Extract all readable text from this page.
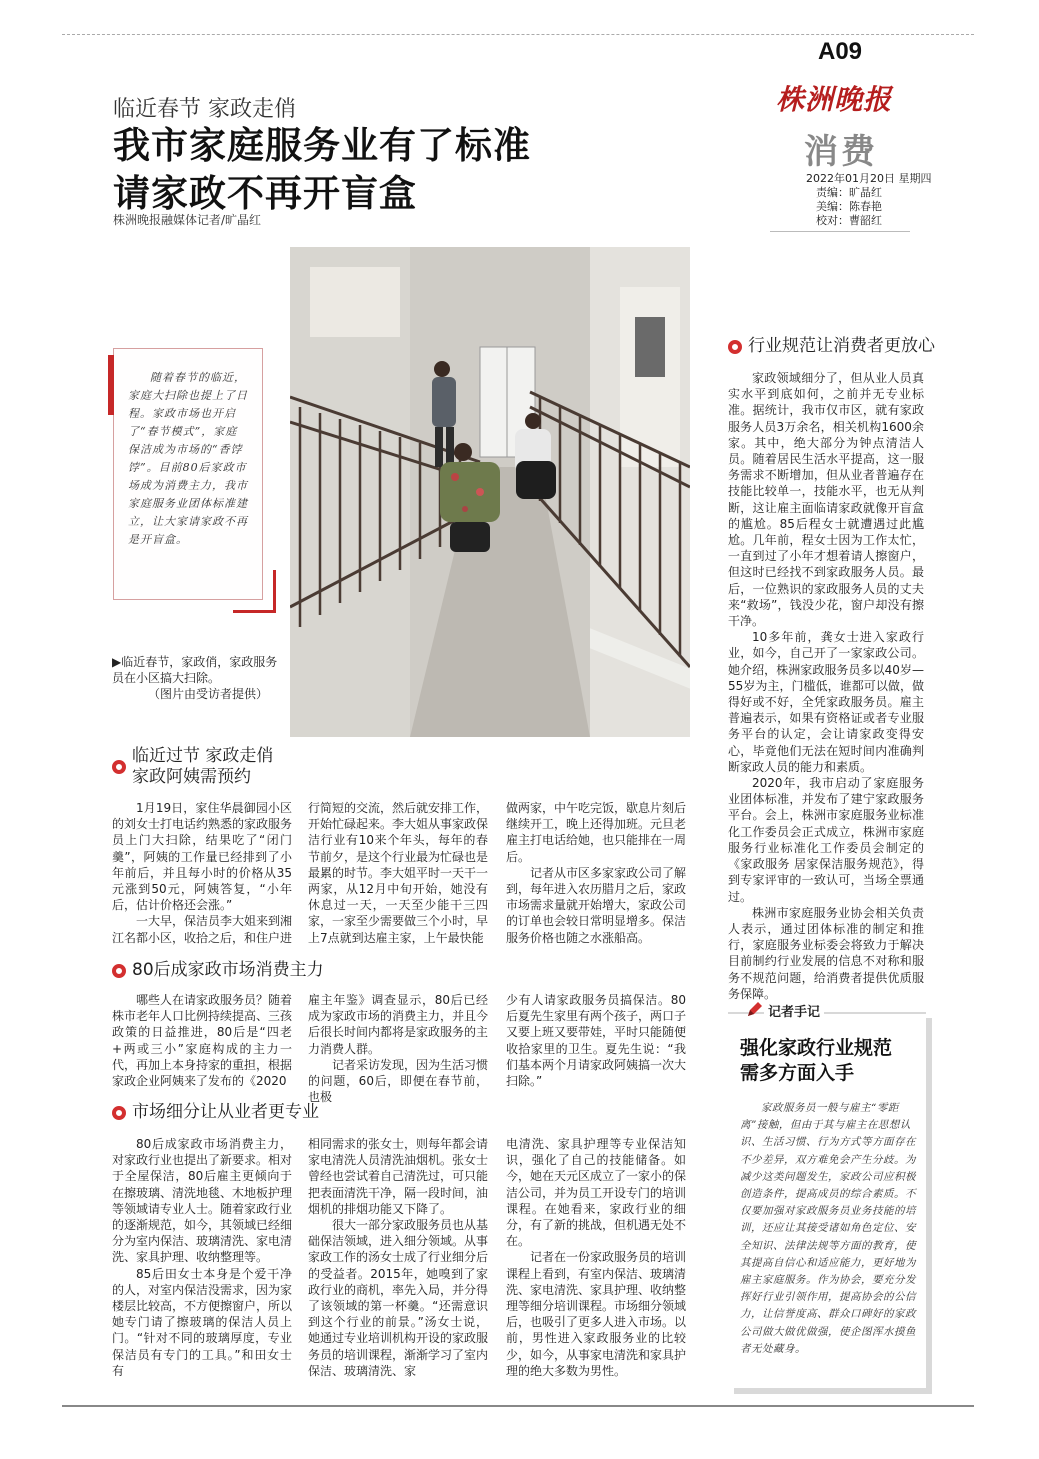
A09
株洲晚报
消费
2022年01月20日 星期四
责编：旷晶红
美编：陈春艳
校对：曹韶红
临近春节 家政走俏
我市家庭服务业有了标准
请家政不再开盲盒
株洲晚报融媒体记者/旷晶红
随着春节的临近，家庭大扫除也提上了日程。家政市场也开启了“春节模式”，家庭保洁成为市场的“香饽饽”。目前80后家政市场成为消费主力，我市家庭服务业团体标准建立，让大家请家政不再是开盲盒。
▶临近春节，家政俏，家政服务员在小区搞大扫除。
（图片由受访者提供）
临近过节 家政走俏
家政阿姨需预约

1月19日，家住华晨御园小区的刘女士打电话约熟悉的家政服务员上门大扫除，结果吃了“闭门羹”，阿姨的工作量已经排到了小年前后，并且每小时的价格从35元涨到50元，阿姨答复，“小年后，估计价格还会涨。”

一大早，保洁员李大姐来到湘江名都小区，收拾之后，和住户进

行简短的交流，然后就安排工作，开始忙碌起来。李大姐从事家政保洁行业有10来个年头，每年的春节前夕，是这个行业最为忙碌也是最累的时节。李大姐平时一天干一两家，从12月中旬开始，她没有休息过一天，一天至少能干三四家，一家至少需要做三个小时，早上7点就到达雇主家，上午最快能

做两家，中午吃完饭，歇息片刻后继续开工，晚上还得加班。元旦老雇主打电话给她，也只能排在一周后。

记者从市区多家家政公司了解到，每年进入农历腊月之后，家政市场需求量就开始增大，家政公司的订单也会较日常明显增多。保洁服务价格也随之水涨船高。

80后成家政市场消费主力

哪些人在请家政服务员？随着株市老年人口比例持续提高、三孩政策的日益推进，80后是“四老+两或三小”家庭构成的主力一代，再加上本身持家的重担，根据家政企业阿姨来了发布的《2020

雇主年鉴》调查显示，80后已经成为家政市场的消费主力，并且今后很长时间内都将是家政服务的主力消费人群。

记者采访发现，因为生活习惯的问题，60后，即便在春节前，也极

少有人请家政服务员搞保洁。80后夏先生家里有两个孩子，两口子又要上班又要带娃，平时只能随便收拾家里的卫生。夏先生说：“我们基本两个月请家政阿姨搞一次大扫除。”

市场细分让从业者更专业

80后成家政市场消费主力，对家政行业也提出了新要求。相对于全屋保洁，80后雇主更倾向于在擦玻璃、清洗地毯、木地板护理等领域请专业人士。随着家政行业的逐渐规范，如今，其领域已经细分为室内保洁、玻璃清洗、家电清洗、家具护理、收纳整理等。

85后田女士本身是个爱干净的人，对室内保洁没需求，因为家楼层比较高，不方便擦窗户，所以她专门请了擦玻璃的保洁人员上门。“针对不同的玻璃厚度，专业保洁员有专门的工具。”和田女士有

相同需求的张女士，则每年都会请家电清洗人员清洗油烟机。张女士曾经也尝试着自己清洗过，可只能把表面清洗干净，隔一段时间，油烟机的排烟功能又下降了。

很大一部分家政服务员也从基础保洁领域，进入细分领域。从事家政工作的汤女士成了行业细分后的受益者。2015年，她嗅到了家政行业的商机，率先入局，并分得了该领域的第一杯羹。“还需意识到这个行业的前景。”汤女士说，她通过专业培训机构开设的家政服务员的培训课程，渐渐学习了室内保洁、玻璃清洗、家

电清洗、家具护理等专业保洁知识，强化了自己的技能储备。如今，她在天元区成立了一家小的保洁公司，并为员工开设专门的培训课程。在她看来，家政行业的细分，有了新的挑战，但机遇无处不在。

记者在一份家政服务员的培训课程上看到，有室内保洁、玻璃清洗、家电清洗、家具护理、收纳整理等细分培训课程。市场细分领域后，也吸引了更多人进入市场。以前，男性进入家政服务业的比较少，如今，从事家电清洗和家具护理的绝大多数为男性。

行业规范让消费者更放心

家政领域细分了，但从业人员真实水平到底如何，之前并无专业标准。据统计，我市仅市区，就有家政服务人员3万余名，相关机构1600余家。其中，绝大部分为钟点清洁人员。随着居民生活水平提高，这一服务需求不断增加，但从业者普遍存在技能比较单一，技能水平，也无从判断，这让雇主面临请家政就像开盲盒的尴尬。85后程女士就遭遇过此尴尬。几年前，程女士因为工作太忙，一直到过了小年才想着请人擦窗户，但这时已经找不到家政服务人员。最后，一位熟识的家政服务人员的丈夫来“救场”，钱没少花，窗户却没有擦干净。

10多年前，龚女士进入家政行业，如今，自己开了一家家政公司。她介绍，株洲家政服务员多以40岁—55岁为主，门槛低，谁都可以做，做得好或不好，全凭家政服务员。雇主普遍表示，如果有资格证或者专业服务平台的认定，会让请家政变得安心，毕竟他们无法在短时间内准确判断家政人员的能力和素质。

2020年，我市启动了家庭服务业团体标准，并发布了建宁家政服务平台。会上，株洲市家庭服务业标准化工作委员会正式成立，株洲市家庭服务行业标准化工作委员会制定的《家政服务 居家保洁服务规范》，得到专家评审的一致认可，当场全票通过。

株洲市家庭服务业协会相关负责人表示，通过团体标准的制定和推行，家庭服务业标委会将致力于解决目前制约行业发展的信息不对称和服务不规范问题，给消费者提供优质服务保障。

记者手记
强化家政行业规范
需多方面入手
家政服务员一般与雇主“零距离”接触，但由于其与雇主在思想认识、生活习惯、行为方式等方面存在不少差异，双方难免会产生分歧。为减少这类问题发生，家政公司应积极创造条件，提高成员的综合素质。不仅要加强对家政服务员业务技能的培训，还应让其接受诸如角色定位、安全知识、法律法规等方面的教育，使其提高自信心和适应能力，更好地为雇主家庭服务。作为协会，要充分发挥好行业引领作用，提高协会的公信力，让信誉度高、群众口碑好的家政公司做大做优做强，使企图浑水摸鱼者无处藏身。
